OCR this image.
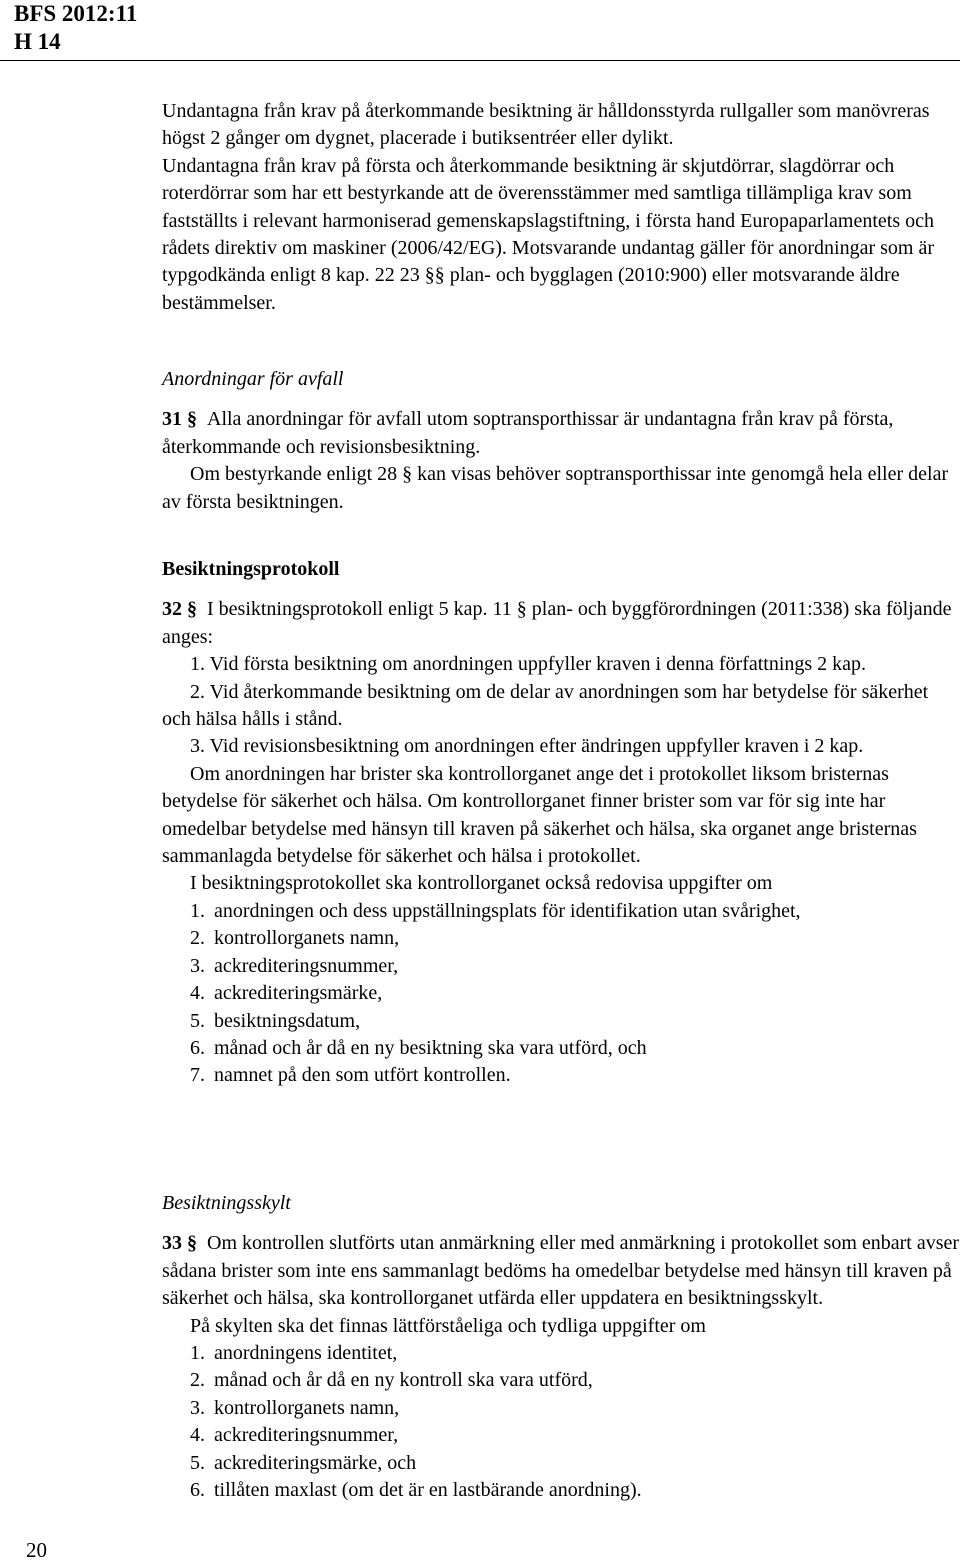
BFS 2012:11
H 14

Undantagna från krav på återkommande besiktning är hålldonsstyrda rullgaller som manövreras högst 2 gånger om dygnet, placerade i butiksentréer eller dylikt.

Undantagna från krav på första och återkommande besiktning är skjutdörrar, slagdörrar och roterdörrar som har ett bestyrkande att de överensstämmer med samtliga tillämpliga krav som fastställts i relevant harmoniserad gemenskapslagstiftning, i första hand Europaparlamentets och rådets direktiv om maskiner (2006/42/EG). Motsvarande undantag gäller för anordningar som är typgodkända enligt 8 kap. 22 23 §§ plan- och bygglagen (2010:900) eller motsvarande äldre bestämmelser.

Anordningar för avfall

31 § Alla anordningar för avfall utom soptransporthissar är undantagna från krav på första, återkommande och revisionsbesiktning.

Om bestyrkande enligt 28 § kan visas behöver soptransporthissar inte genomgå hela eller delar av första besiktningen.

Besiktningsprotokoll

32 § I besiktningsprotokoll enligt 5 kap. 11 § plan- och byggförordningen (2011:338) ska följande anges:

1. Vid första besiktning om anordningen uppfyller kraven i denna författnings 2 kap.

2. Vid återkommande besiktning om de delar av anordningen som har betydelse för säkerhet och hälsa hålls i stånd.

3. Vid revisionsbesiktning om anordningen efter ändringen uppfyller kraven i 2 kap.

Om anordningen har brister ska kontrollorganet ange det i protokollet liksom bristernas betydelse för säkerhet och hälsa. Om kontrollorganet finner brister som var för sig inte har omedelbar betydelse med hänsyn till kraven på säkerhet och hälsa, ska organet ange bristernas sammanlagda betydelse för säkerhet och hälsa i protokollet.

I besiktningsprotokollet ska kontrollorganet också redovisa uppgifter om

1. anordningen och dess uppställningsplats för identifikation utan svårighet,
2. kontrollorganets namn,
3. ackrediteringsnummer,
4. ackrediteringsmärke,
5. besiktningsdatum,
6. månad och år då en ny besiktning ska vara utförd, och
7. namnet på den som utfört kontrollen.

Besiktningsskylt

33 § Om kontrollen slutförts utan anmärkning eller med anmärkning i protokollet som enbart avser sådana brister som inte ens sammanlagt bedöms ha omedelbar betydelse med hänsyn till kraven på säkerhet och hälsa, ska kontrollorganet utfärda eller uppdatera en besiktningsskylt.

På skylten ska det finnas lättförståeliga och tydliga uppgifter om

1. anordningens identitet,
2. månad och år då en ny kontroll ska vara utförd,
3. kontrollorganets namn,
4. ackrediteringsnummer,
5. ackrediteringsmärke, och
6. tillåten maxlast (om det är en lastbärande anordning).
20
